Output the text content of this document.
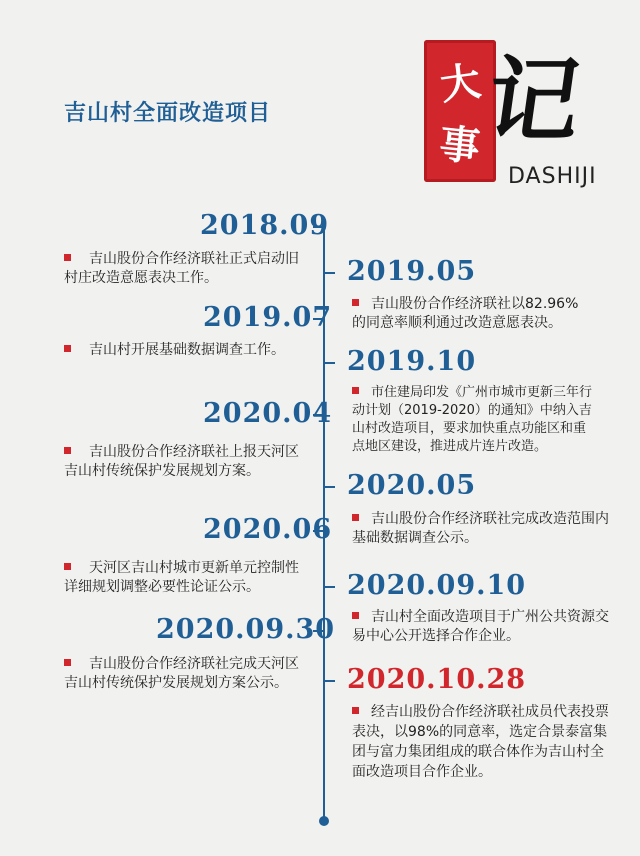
吉山村全面改造项目
大
事
记
DASHIJI
2018.09
吉山股份合作经济联社正式启动旧村庄改造意愿表决工作。
2019.07
吉山村开展基础数据调查工作。
2020.04
吉山股份合作经济联社上报天河区吉山村传统保护发展规划方案。
2020.06
天河区吉山村城市更新单元控制性详细规划调整必要性论证公示。
2020.09.30
吉山股份合作经济联社完成天河区吉山村传统保护发展规划方案公示。
2019.05
吉山股份合作经济联社以82.96%的同意率顺利通过改造意愿表决。
2019.10
市住建局印发《广州市城市更新三年行动计划（2019-2020）的通知》中纳入吉山村改造项目，要求加快重点功能区和重点地区建设，推进成片连片改造。
2020.05
吉山股份合作经济联社完成改造范围内基础数据调查公示。
2020.09.10
吉山村全面改造项目于广州公共资源交易中心公开选择合作企业。
2020.10.28
经吉山股份合作经济联社成员代表投票表决，以98%的同意率，选定合景泰富集团与富力集团组成的联合体作为吉山村全面改造项目合作企业。
